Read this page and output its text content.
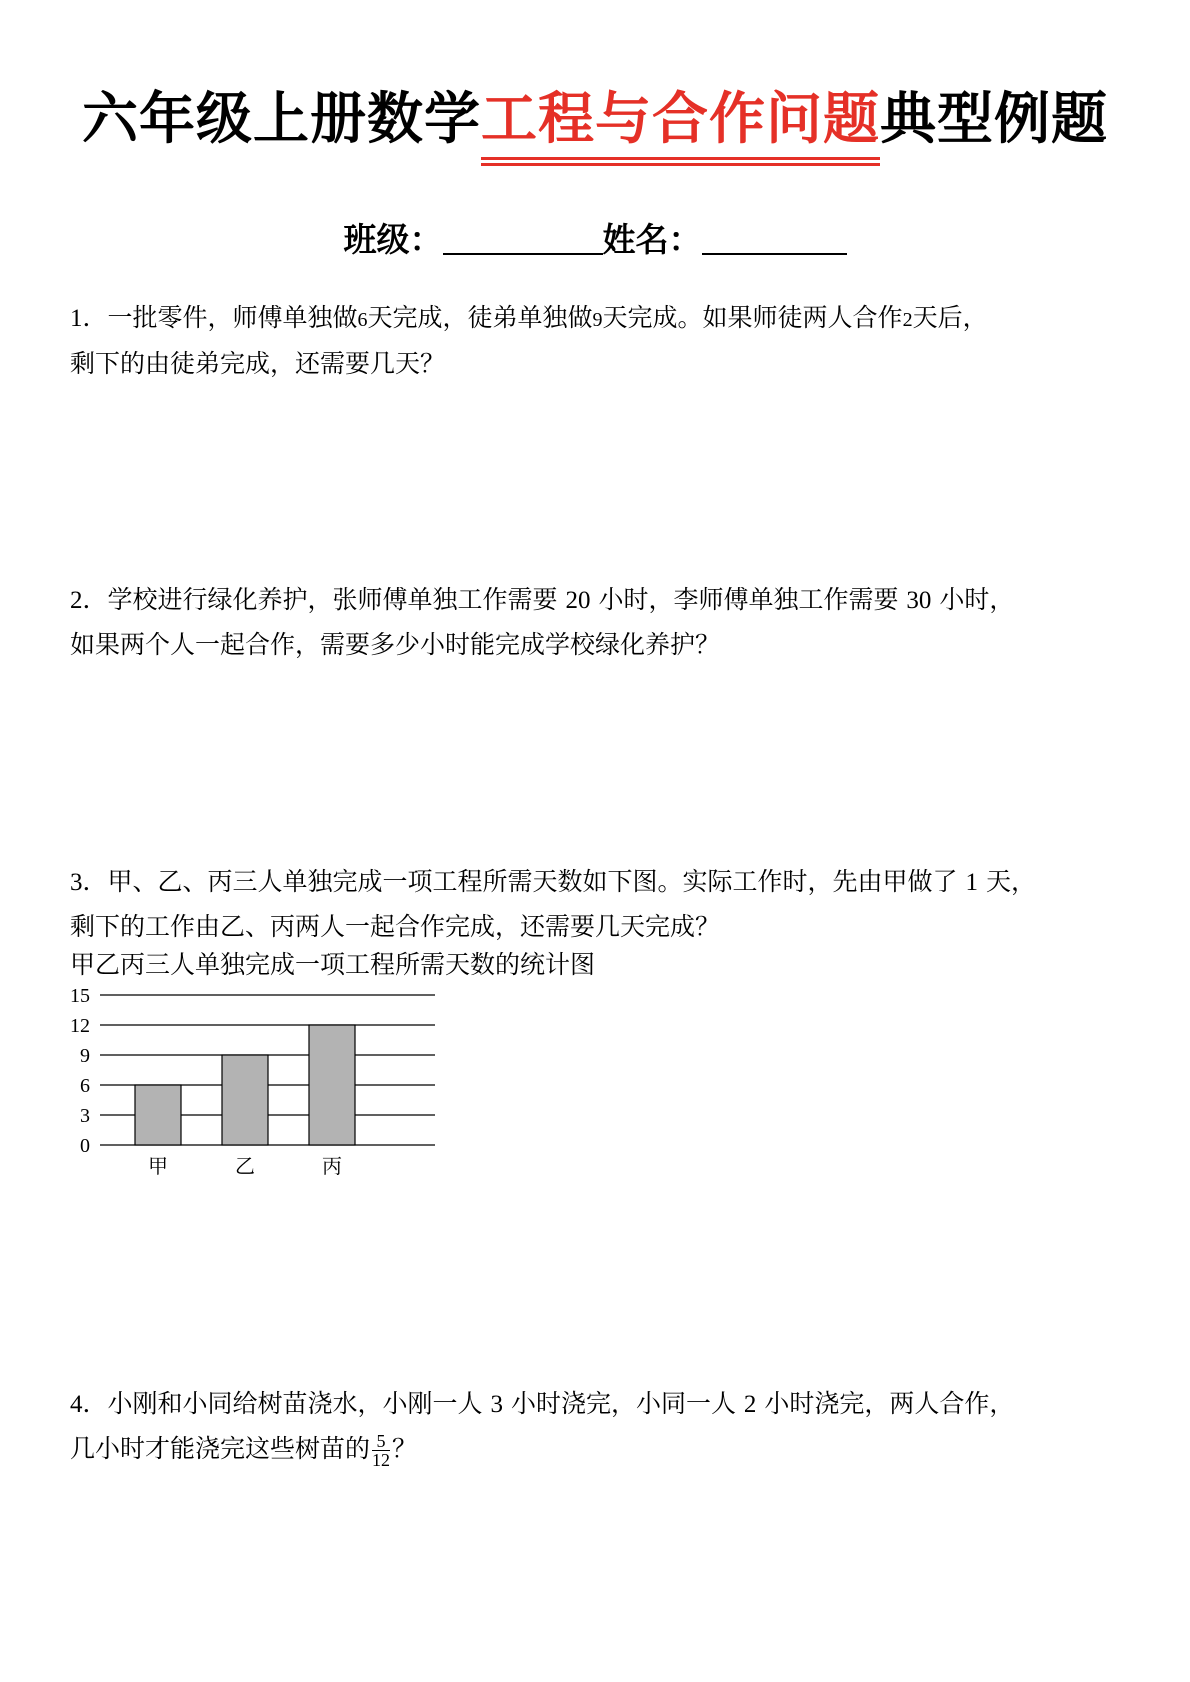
六年级上册数学工程与合作问题
典型例题
班级：	姓名：
1．一批零件，师傅单独做6天完成，徒弟单独做9天完成。如果师徒两人合作2天后，
剩下的由徒弟完成，还需要几天？
2．学校进行绿化养护，张师傅单独工作需要 20 小时，李师傅单独工作需要 30 小时，
如果两个人一起合作，需要多少小时能完成学校绿化养护？
3．甲、乙、丙三人单独完成一项工程所需天数如下图。实际工作时，先由甲做了 1 天，
剩下的工作由乙、丙两人一起合作完成，还需要几天完成？
甲乙丙三人单独完成一项工程所需天数的统计图
0
3
6
9
12
15
甲	乙	丙
4．小刚和小同给树苗浇水，小刚一人 3 小时浇完，小同一人 2 小时浇完，两人合作，
几小时才能浇完这些树苗的 $\frac{5}{12}$ ？
